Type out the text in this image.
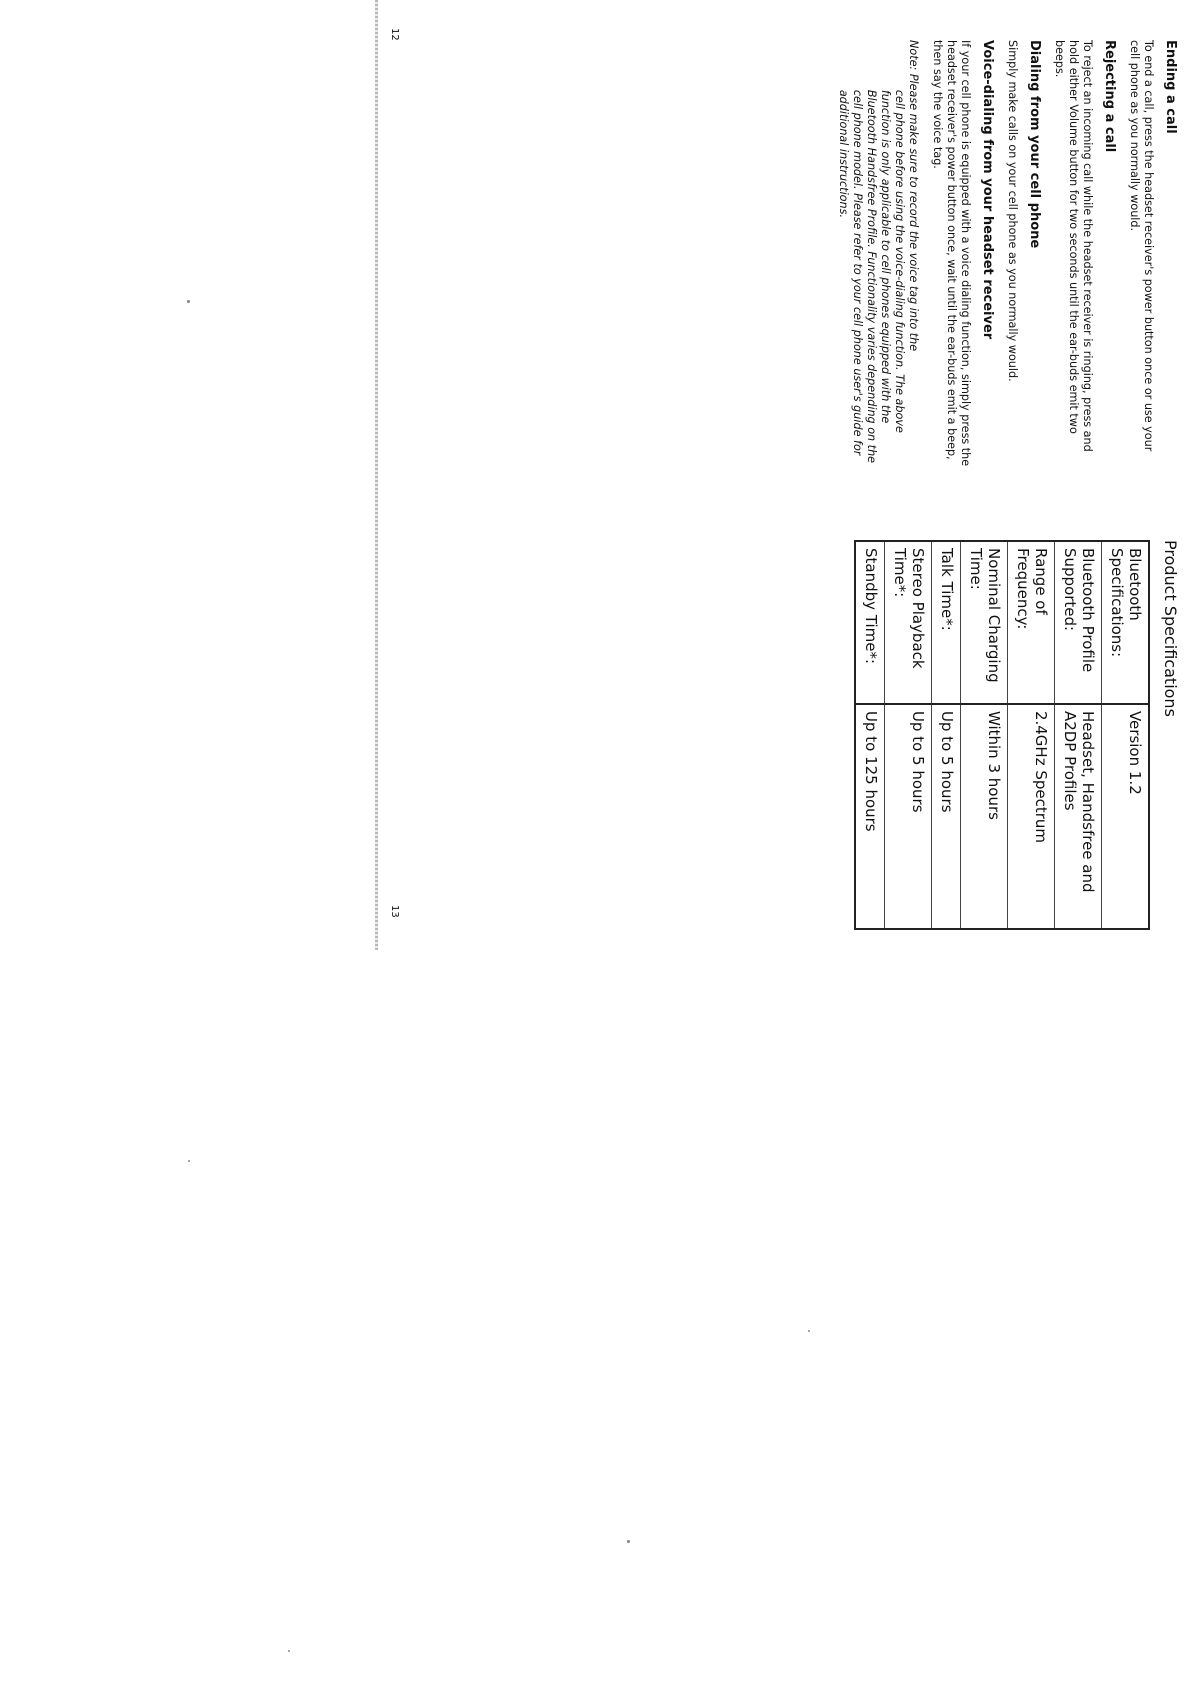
Ending a call

To end a call, press the headset receiver's power button once or use your cell phone as you normally would.

Rejecting a call

To reject an incoming call while the headset receiver is ringing, press and hold either Volume button for two seconds until the ear-buds emit two beeps.

Dialing from your cell phone

Simply make calls on your cell phone as you normally would.

Voice-dialing from your headset receiver

If your cell phone is equipped with a voice dialing function, simply press the headset receiver's power button once, wait until the ear-buds emit a beep, then say the voice tag.

Note:
Please make sure to record the voice tag into the
cell phone before using the voice-dialing function. The above function is only applicable to cell phones equipped with the Bluetooth Handsfree Profile. Functionality varies depending on the cell phone model. Please refer to your cell phone user's guide for additional instructions.

Product Specifications

Bluetooth Specifications:	Version 1.2
Bluetooth Profile Supported:	Headset, Handsfree and A2DP Profiles
Range of Frequency:	2.4GHz Spectrum
Nominal Charging Time:	Within 3 hours
Talk Time*:	Up to 5 hours
Stereo Playback Time*:	Up to 5 hours
Standby Time*:	Up to 125 hours
12
13
